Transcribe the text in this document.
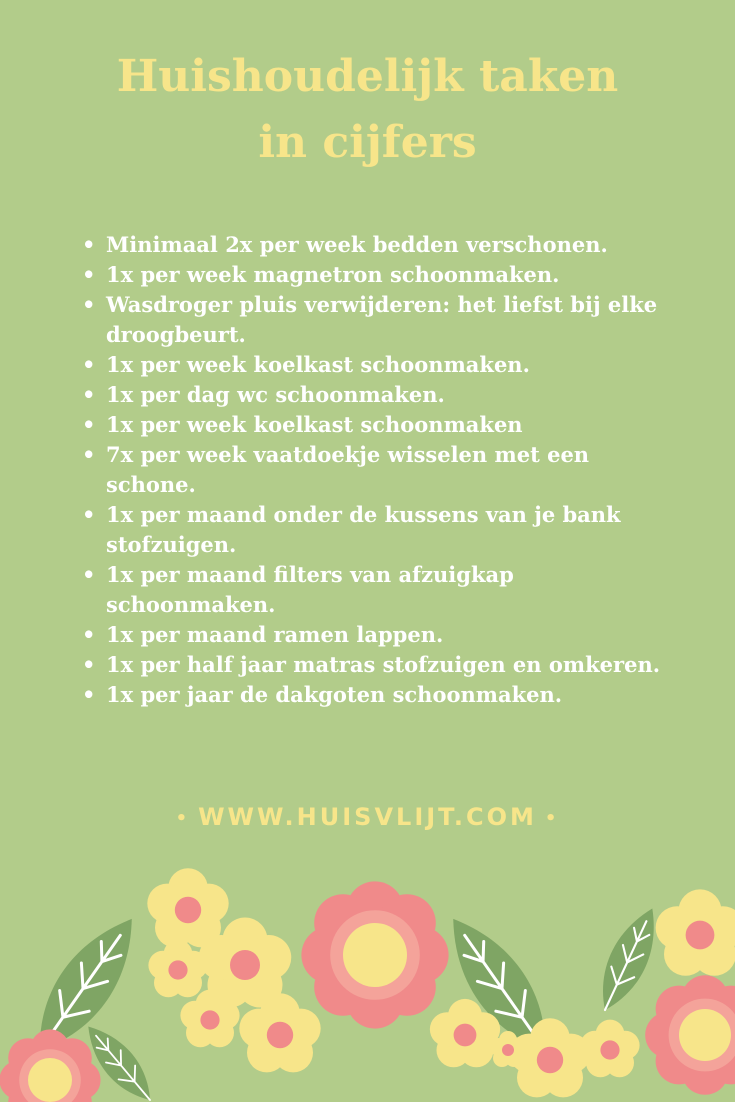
Huishoudelijk taken
in cijfers
• Minimaal 2x per week bedden verschonen.
• 1x per week magnetron schoonmaken.
• Wasdroger pluis verwijderen: het liefst bij elke droogbeurt.
• 1x per week koelkast schoonmaken.
• 1x per dag wc schoonmaken.
• 1x per week koelkast schoonmaken
• 7x per week vaatdoekje wisselen met een schone.
• 1x per maand onder de kussens van je bank stofzuigen.
• 1x per maand filters van afzuigkap schoonmaken.
• 1x per maand ramen lappen.
• 1x per half jaar matras stofzuigen en omkeren.
• 1x per jaar de dakgoten schoonmaken.
• WWW.HUISVLIJT.COM •
